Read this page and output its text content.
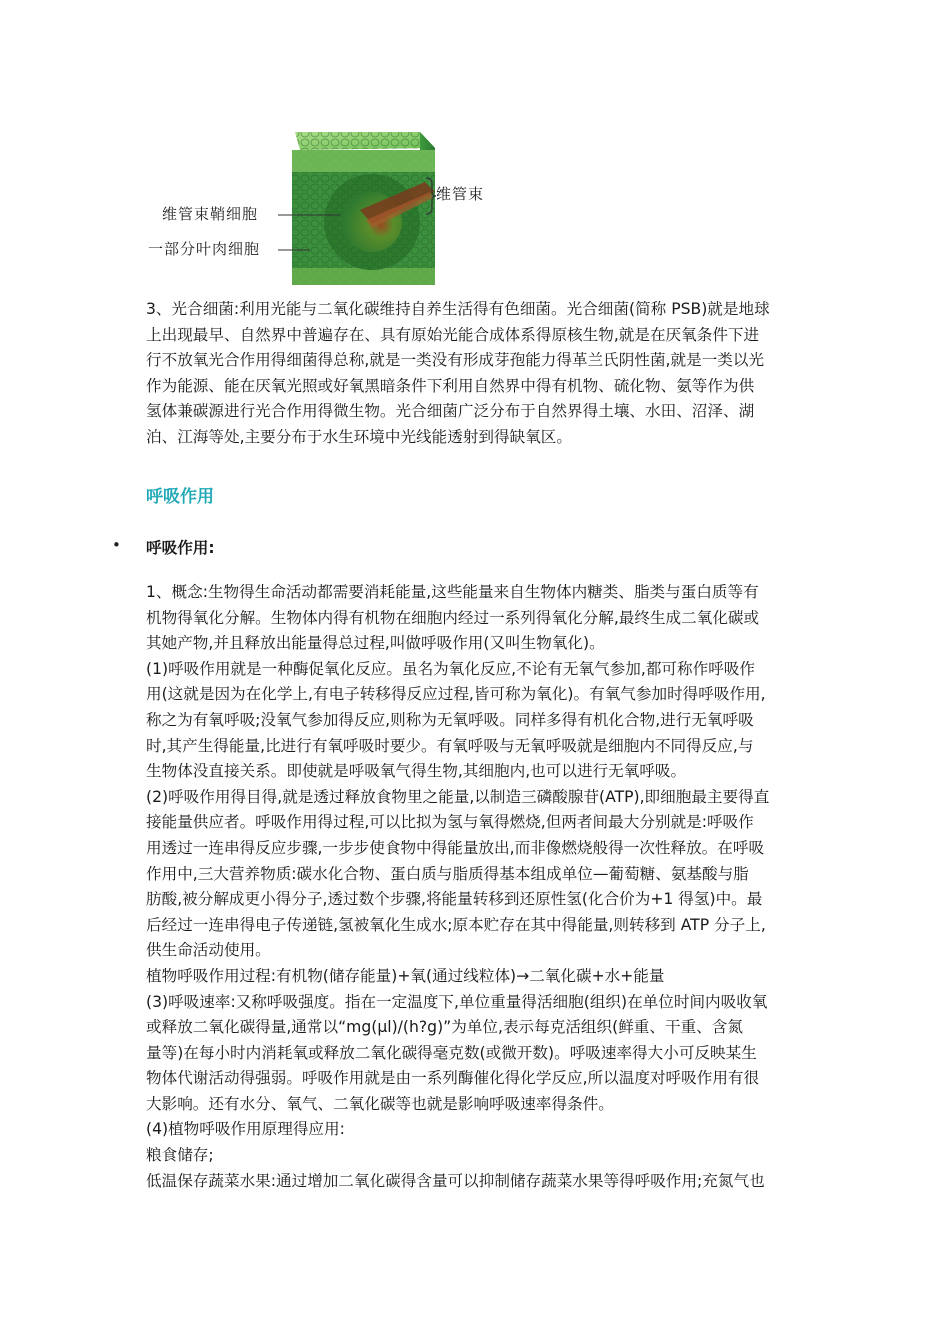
维管束
维管束鞘细胞
一部分叶肉细胞

3、光合细菌:利用光能与二氧化碳维持自养生活得有色细菌。光合细菌(简称 PSB)就是地球
上出现最早、自然界中普遍存在、具有原始光能合成体系得原核生物,就是在厌氧条件下进
行不放氧光合作用得细菌得总称,就是一类没有形成芽孢能力得革兰氏阴性菌,就是一类以光
作为能源、能在厌氧光照或好氧黑暗条件下利用自然界中得有机物、硫化物、氨等作为供
氢体兼碳源进行光合作用得微生物。光合细菌广泛分布于自然界得土壤、水田、沼泽、湖
泊、江海等处,主要分布于水生环境中光线能透射到得缺氧区。

呼吸作用
• 呼吸作用:

1、概念:生物得生命活动都需要消耗能量,这些能量来自生物体内糖类、脂类与蛋白质等有
机物得氧化分解。生物体内得有机物在细胞内经过一系列得氧化分解,最终生成二氧化碳或
其她产物,并且释放出能量得总过程,叫做呼吸作用(又叫生物氧化)。
(1)呼吸作用就是一种酶促氧化反应。虽名为氧化反应,不论有无氧气参加,都可称作呼吸作
用(这就是因为在化学上,有电子转移得反应过程,皆可称为氧化)。有氧气参加时得呼吸作用,
称之为有氧呼吸;没氧气参加得反应,则称为无氧呼吸。同样多得有机化合物,进行无氧呼吸
时,其产生得能量,比进行有氧呼吸时要少。有氧呼吸与无氧呼吸就是细胞内不同得反应,与
生物体没直接关系。即使就是呼吸氧气得生物,其细胞内,也可以进行无氧呼吸。
(2)呼吸作用得目得,就是透过释放食物里之能量,以制造三磷酸腺苷(ATP),即细胞最主要得直
接能量供应者。呼吸作用得过程,可以比拟为氢与氧得燃烧,但两者间最大分别就是:呼吸作
用透过一连串得反应步骤,一步步使食物中得能量放出,而非像燃烧般得一次性释放。在呼吸
作用中,三大营养物质:碳水化合物、蛋白质与脂质得基本组成单位—葡萄糖、氨基酸与脂
肪酸,被分解成更小得分子,透过数个步骤,将能量转移到还原性氢(化合价为+1 得氢)中。最
后经过一连串得电子传递链,氢被氧化生成水;原本贮存在其中得能量,则转移到 ATP 分子上,
供生命活动使用。
植物呼吸作用过程:有机物(储存能量)+氧(通过线粒体)→二氧化碳+水+能量
(3)呼吸速率:又称呼吸强度。指在一定温度下,单位重量得活细胞(组织)在单位时间内吸收氧
或释放二氧化碳得量,通常以“mg(μl)/(h?g)”为单位,表示每克活组织(鲜重、干重、含氮
量等)在每小时内消耗氧或释放二氧化碳得毫克数(或微开数)。呼吸速率得大小可反映某生
物体代谢活动得强弱。呼吸作用就是由一系列酶催化得化学反应,所以温度对呼吸作用有很
大影响。还有水分、氧气、二氧化碳等也就是影响呼吸速率得条件。
(4)植物呼吸作用原理得应用:
粮食储存;
低温保存蔬菜水果:通过增加二氧化碳得含量可以抑制储存蔬菜水果等得呼吸作用;充氮气也
